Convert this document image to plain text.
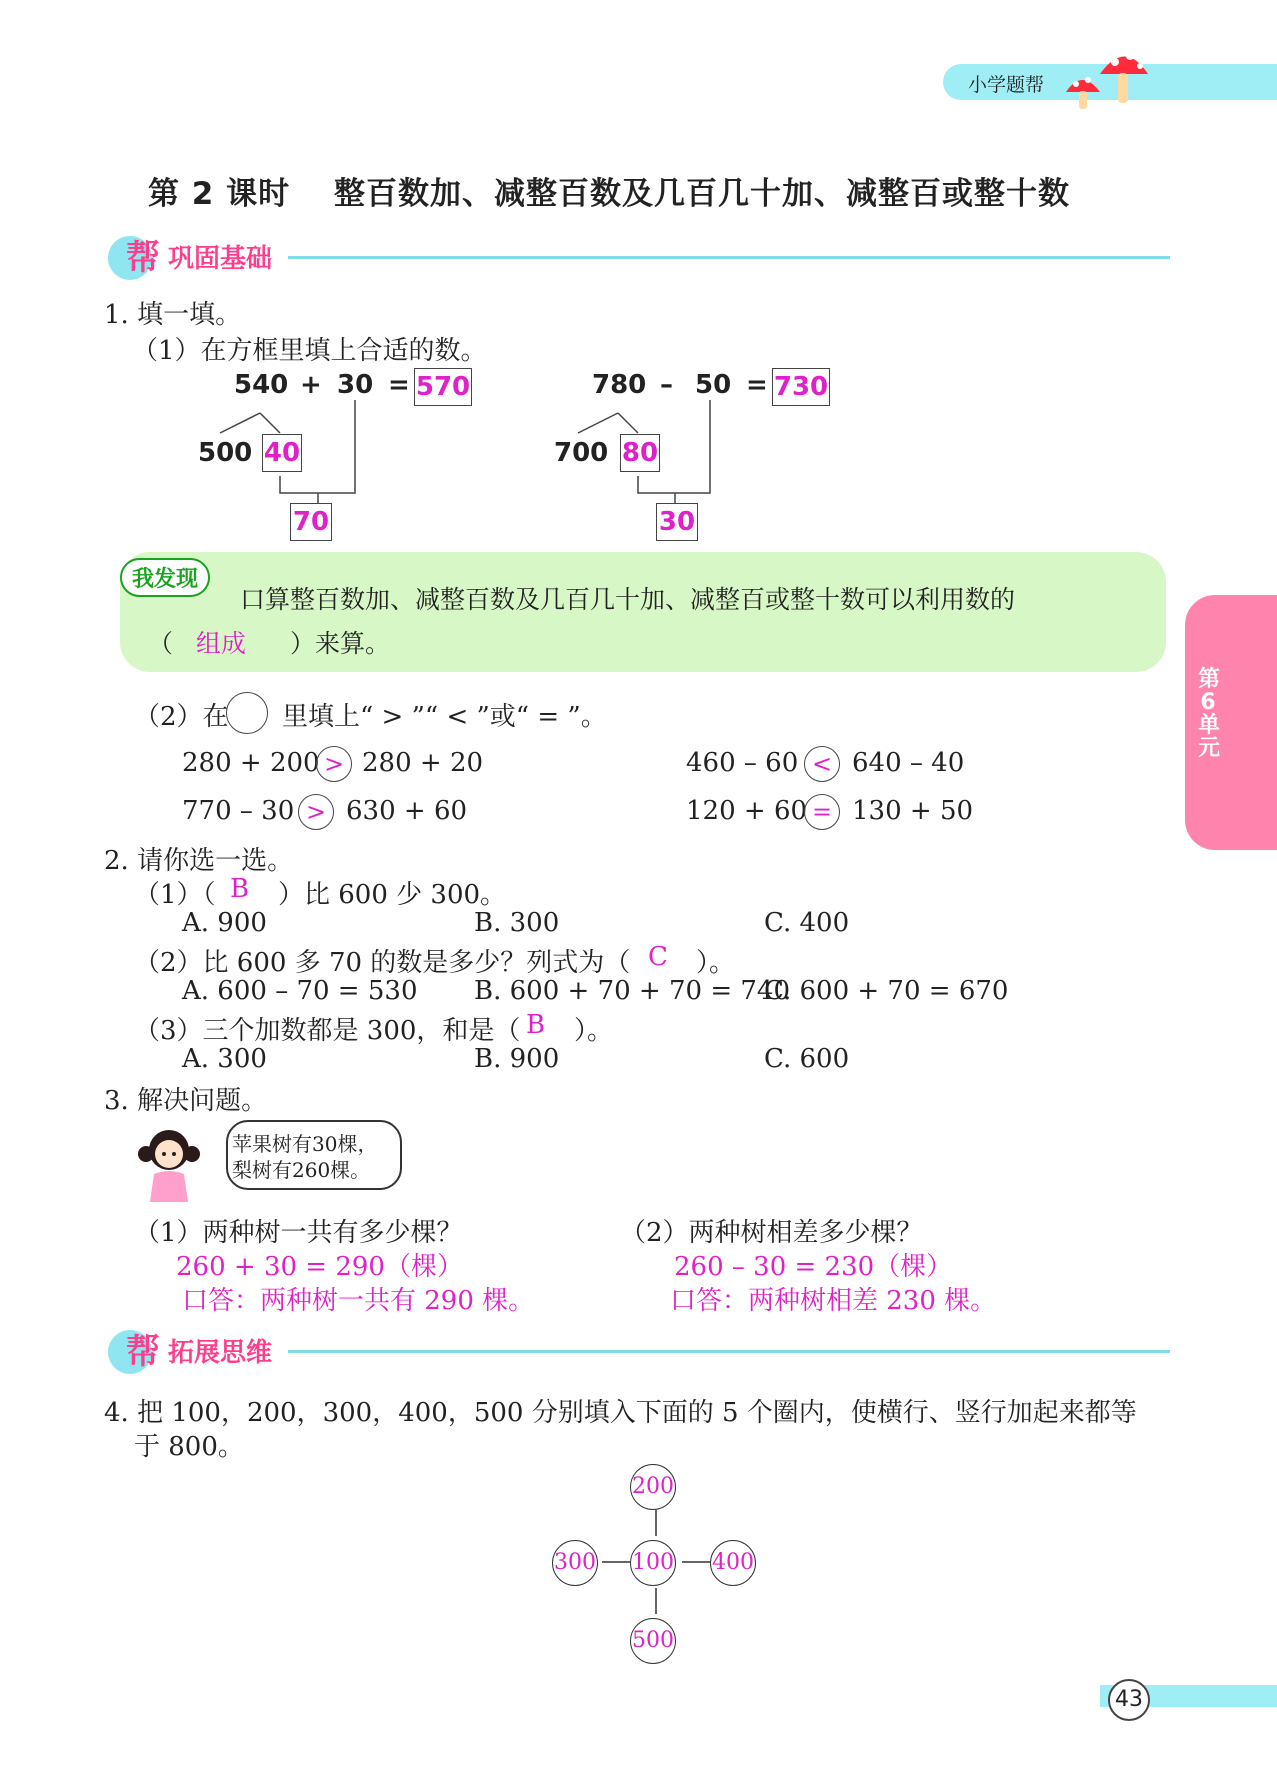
小学题帮
第 2 课时　 整百数加、减整百数及几百几十加、减整百或整十数
帮 巩固基础
1. 填一填。
（1）在方框里填上合适的数。
540 + 30 = 570
500 40
70
780 – 50 = 730
700 80
30
我发现
口算整百数加、减整百数及几百几十加、减整百或整十数可以利用数的
（ 组成 ）来算。
第6单元
（2）在 里填上“ > ”“ < ”或“ = ”。
280 + 200 > 280 + 20	460 – 60 < 640 – 40
770 – 30 > 630 + 60	120 + 60 = 130 + 50
2. 请你选一选。
（1）（ B ）比 600 少 300。
A. 900	B. 300	C. 400
（2）比 600 多 70 的数是多少？列式为（ C ）。
A. 600 – 70 = 530 B. 600 + 70 + 70 = 740
C. 600 + 70 = 670
（3）三个加数都是 300，和是（ B ）。
A. 300	B. 900	C. 600
3. 解决问题。
苹果树有30棵，
梨树有260棵。
（1）两种树一共有多少棵？
260 + 30 = 290（棵）
口答：两种树一共有 290 棵。
（2）两种树相差多少棵？
260 – 30 = 230（棵）
口答：两种树相差 230 棵。
帮 拓展思维
4. 把 100，200，300，400，500 分别填入下面的 5 个圈内，使横行、竖行加起来都等
于 800。
200
300 100 400
500
43
